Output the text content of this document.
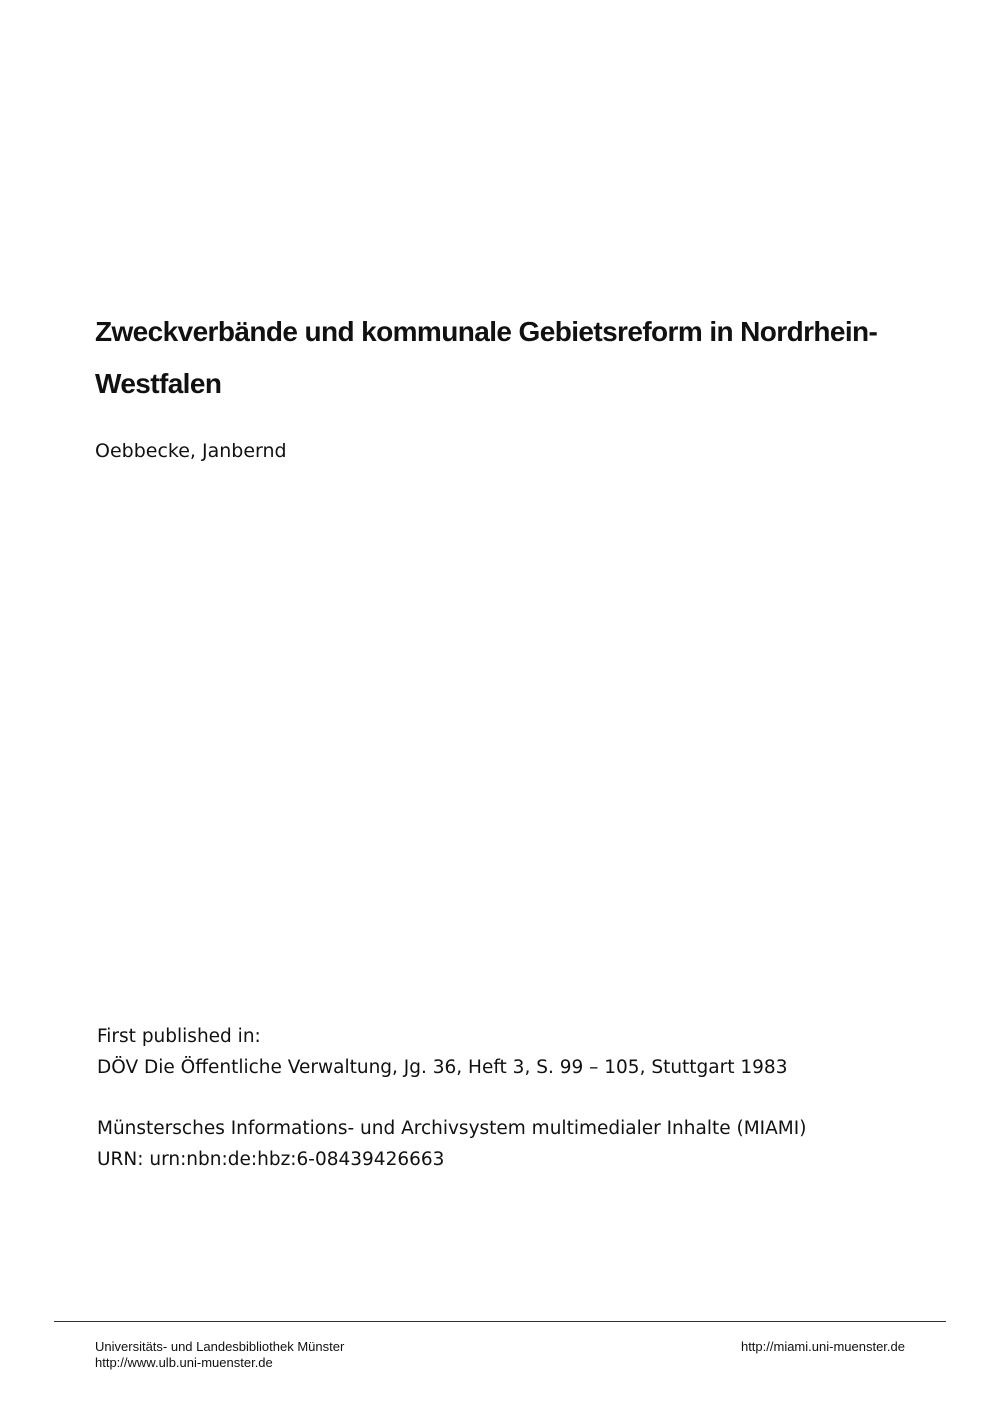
Zweckverbände und kommunale Gebietsreform in Nordrhein-Westfalen

Oebbecke, Janbernd

First published in:
DÖV Die Öffentliche Verwaltung, Jg. 36, Heft 3, S. 99 – 105, Stuttgart 1983
Münstersches Informations- und Archivsystem multimedialer Inhalte (MIAMI)
URN: urn:nbn:de:hbz:6-08439426663
Universitäts- und Landesbibliothek Münster
http://www.ulb.uni-muenster.de
http://miami.uni-muenster.de
